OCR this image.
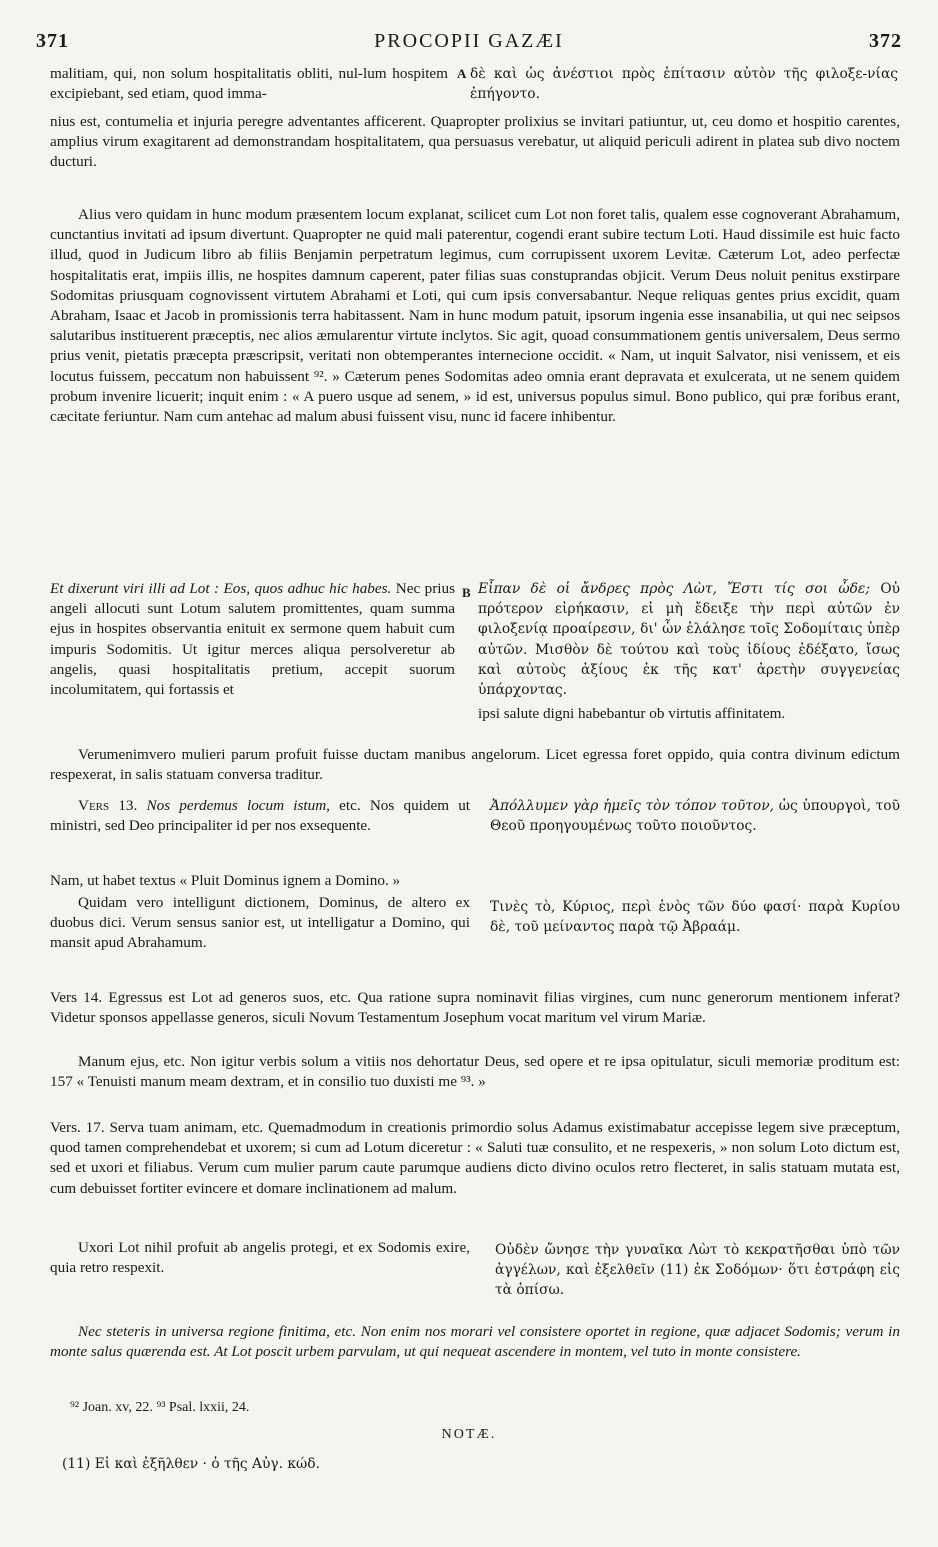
371	PROCOPII GAZÆI	372
malitiam, qui, non solum hospitalitatis obliti, nul-lum hospitem excipiebant, sed etiam, quod imma-
A δὲ καὶ ὡς ἀνέστιοι πρὸς ἐπίτασιν αὐτὸν τῆς φιλοξε-νίας ἐπήγοντο.
nius est, contumelia et injuria peregre adventantes afficerent. Quapropter prolixius se invitari patiuntur, ut, ceu domo et hospitio carentes, amplius virum exagitarent ad demonstrandam hospitalitatem, qua persuasus verebatur, ut aliquid periculi adirent in platea sub divo noctem ducturi.
Alius vero quidam in hunc modum præsentem locum explanat, scilicet cum Lot non foret talis, qualem esse cognoverant Abrahamum, cunctantius invitati ad ipsum divertunt. Quapropter ne quid mali paterentur, cogendi erant subire tectum Loti. Haud dissimile est huic facto illud, quod in Judicum libro ab filiis Benjamin perpetratum legimus, cum corrupissent uxorem Levitæ. Cæterum Lot, adeo perfectæ hospitalitatis erat, impiis illis, ne hospites damnum caperent, pater filias suas constuprandas objicit. Verum Deus noluit penitus exstirpare Sodomitas priusquam cognovissent virtutem Abrahami et Loti, qui cum ipsis conversabantur. Neque reliquas gentes prius excidit, quam Abraham, Isaac et Jacob in promissionis terra habitassent. Nam in hunc modum patuit, ipsorum ingenia esse insanabilia, ut qui nec seipsos salutaribus instituerent præceptis, nec alios æmularentur virtute inclytos. Sic agit, quoad consummationem gentis universalem, Deus sermo prius venit, pietatis præcepta præscripsit, veritati non obtemperantes internecione occidit. « Nam, ut inquit Salvator, nisi venissem, et eis locutus fuissem, peccatum non habuissent ⁹². » Cæterum penes Sodomitas adeo omnia erant depravata et exulcerata, ut ne senem quidem probum invenire licuerit; inquit enim : « A puero usque ad senem, » id est, universus populus simul. Bono publico, qui præ foribus erant, cæcitate feriuntur. Nam cum antehac ad malum abusi fuissent visu, nunc id facere inhibentur.
Et dixerunt viri illi ad Lot : Eos, quos adhuc hic habes. Nec prius angeli allocuti sunt Lotum salutem promittentes, quam summa ejus in hospites observantia enituit ex sermone quem habuit cum impuris Sodomitis. Ut igitur merces aliqua persolveretur ab angelis, quasi hospitalitatis pretium, accepit suorum incolumitatem, qui fortassis et
B Εἶπαν δὲ οἱ ἄνδρες πρὸς Λὼτ, Ἔστι τίς σοι ὧδε; Οὐ πρότερον εἰρήκασιν, εἰ μὴ ἔδειξε τὴν περὶ αὐτῶν ἐν φιλοξενίᾳ προαίρεσιν, δι' ὧν ἐλάλησε τοῖς Σοδομίταις ὑπὲρ αὐτῶν. Μισθὸν δὲ τούτου καὶ τοὺς ἰδίους ἐδέξατο, ἴσως καὶ αὐτοὺς ἀξίους ἐκ τῆς κατ' ἀρετὴν συγγενείας ὑπάρχοντας.
ipsi salute digni habebantur ob virtutis affinitatem.
Verumenimvero mulieri parum profuit fuisse ductam manibus angelorum. Licet egressa foret oppido, quia contra divinum edictum respexerat, in salis statuam conversa traditur.
Vers 13. Nos perdemus locum istum, etc. Nos quidem ut ministri, sed Deo principaliter id per nos exsequente.
Ἀπόλλυμεν γὰρ ἡμεῖς τὸν τόπον τοῦτον, ὡς ὑπουργοὶ, τοῦ Θεοῦ προηγουμένως τοῦτο ποιοῦντος.
Nam, ut habet textus « Pluit Dominus ignem a Domino. »
Quidam vero intelligunt dictionem, Dominus, de altero ex duobus dici. Verum sensus sanior est, ut intelligatur a Domino, qui mansit apud Abrahamum.
Τινὲς τὸ, Κύριος, περὶ ἑνὸς τῶν δύο φασί· παρὰ Κυρίου δὲ, τοῦ μείναντος παρὰ τῷ Ἀβραάμ.
Vers 14. Egressus est Lot ad generos suos, etc. Qua ratione supra nominavit filias virgines, cum nunc generorum mentionem inferat? Videtur sponsos appellasse generos, siculi Novum Testamentum Josephum vocat maritum vel virum Mariæ.
Manum ejus, etc. Non igitur verbis solum a vitiis nos dehortatur Deus, sed opere et re ipsa opitulatur, siculi memoriæ proditum est: 157 « Tenuisti manum meam dextram, et in consilio tuo duxisti me ⁹³. »
Vers. 17. Serva tuam animam, etc. Quemadmodum in creationis primordio solus Adamus existimabatur accepisse legem sive præceptum, quod tamen comprehendebat et uxorem; si cum ad Lotum diceretur : « Saluti tuæ consulito, et ne respexeris, » non solum Loto dictum est, sed et uxori et filiabus. Verum cum mulier parum caute parumque audiens dicto divino oculos retro flecteret, in salis statuam mutata est, cum debuisset fortiter evincere et domare inclinationem ad malum.
Uxori Lot nihil profuit ab angelis protegi, et ex Sodomis exire, quia retro respexit.
Οὐδὲν ὤνησε τὴν γυναῖκα Λὼτ τὸ κεκρατῆσθαι ὑπὸ τῶν ἀγγέλων, καὶ ἐξελθεῖν (11) ἐκ Σοδόμων· ὅτι ἐστράφη εἰς τὰ ὀπίσω.
Nec steteris in universa regione finitima, etc. Non enim nos morari vel consistere oportet in regione, quæ adjacet Sodomis; verum in monte salus quærenda est. At Lot poscit urbem parvulam, ut qui nequeat ascendere in montem, vel tuto in monte consistere.
⁹² Joan. xv, 22. ⁹³ Psal. lxxii, 24.
NOTÆ.
(11) Εἰ καὶ ἐξῆλθεν · ὁ τῆς Αὐγ. κώδ.
